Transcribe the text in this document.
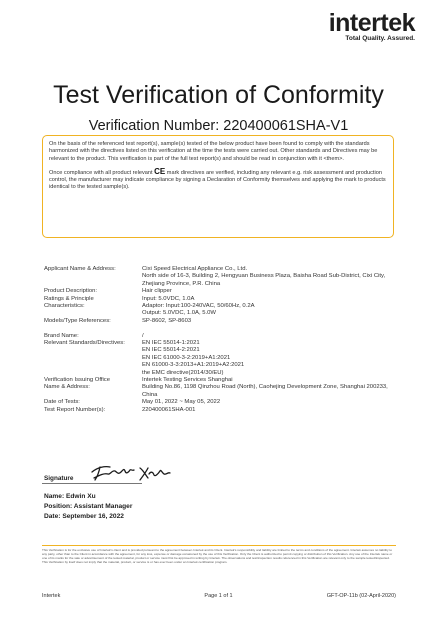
intertek
Total Quality. Assured.
Test Verification of Conformity
Verification Number: 220400061SHA-V1

On the basis of the referenced test report(s), sample(s) tested of the below product have been found to comply with the standards harmonized with the directives listed on this verification at the time the tests were carried out. Other standards and Directives may be relevant to the product. This verification is part of the full test report(s) and should be read in conjunction with it <them>.

Once compliance with all product relevant CE mark directives are verified, including any relevant e.g. risk assessment and production control, the manufacturer may indicate compliance by signing a Declaration of Conformity themselves and applying the mark to products identical to the tested sample(s).

Applicant Name & Address:	Cixi Speed Electrical Appliance Co., Ltd.
North side of 16-3, Building 2, Hengyuan Business Plaza, Baisha Road Sub-District, Cixi City, Zhejiang Province, P.R. China
Product Description:	Hair clipper
Ratings & Principle	Input: 5.0VDC, 1.0A
Characteristics:	Adaptor: Input:100-240VAC, 50/60Hz, 0.2A
Output: 5.0VDC, 1.0A, 5.0W
Models/Type References:	SP-8602, SP-8603
Brand Name:	/
Relevant Standards/Directives:	EN IEC 55014-1:2021
EN IEC 55014-2:2021
EN IEC 61000-3-2:2019+A1:2021
EN 61000-3-3:2013+A1:2019+A2:2021
the EMC directive(2014/30/EU)
Verification Issuing Office	Intertek Testing Services Shanghai
Name & Address:	Building No.86, 1198 Qinzhou Road (North), Caohejing Development Zone, Shanghai 200233, China
Date of Tests:	May 01, 2022 ~ May 05, 2022
Test Report Number(s):	220400061SHA-001
Signature
Name: Edwin Xu
Position: Assistant Manager
Date: September 16, 2022
This Verification is for the exclusive use of Intertek's client and is provided pursuant to the agreement between Intertek and its Client. Intertek's responsibility and liability are limited to the terms and conditions of the agreement. Intertek assumes no liability to any party, other than to the Client in accordance with the agreement, for any loss, expense or damage occasioned by the use of this Verification. Only the Client is authorized to permit copying or distribution of this Verification. Any use of the Intertek name or one of its marks for the sale or advertisement of the tested material, product or service must first be approved in writing by Intertek. The observations and test/inspection results referenced in this Verification are relevant only to the sample tested/inspected. This Verification by itself does not imply that the material, product, or service is or has ever been under an Intertek certification program.
Intertek	Page 1 of 1	GFT-OP-11b (02-April-2020)
